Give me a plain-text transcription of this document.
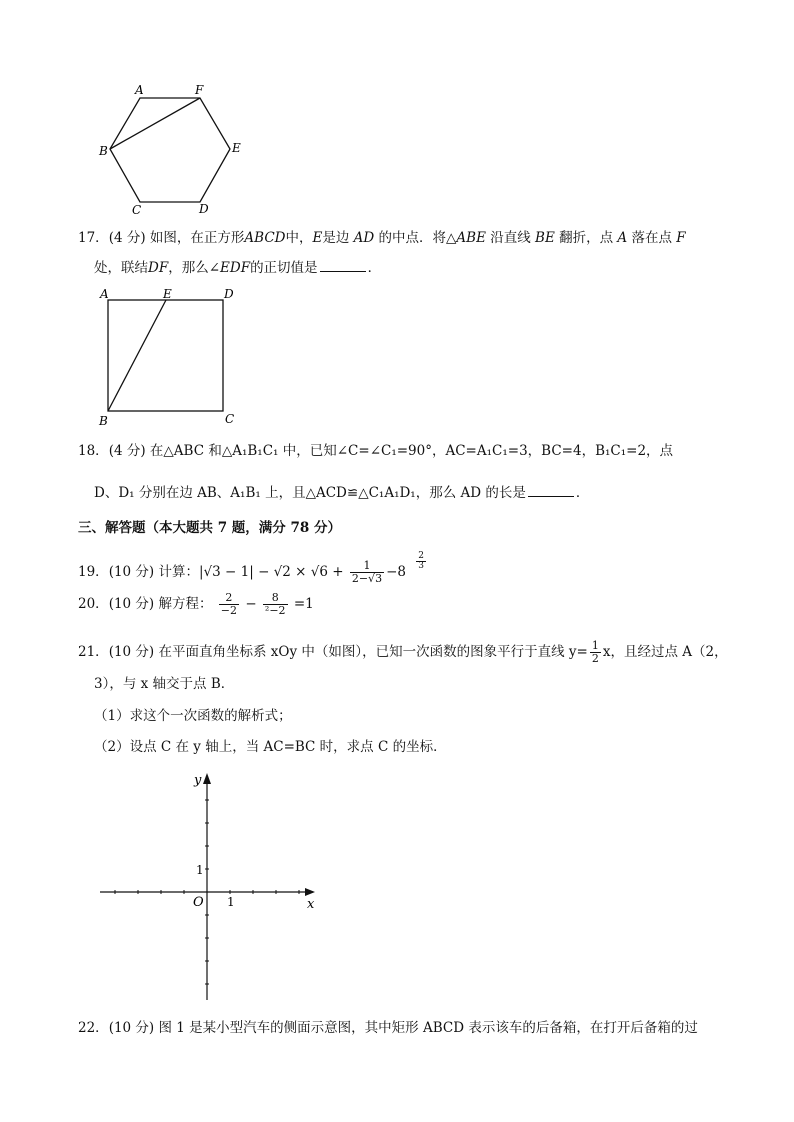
A	F
B	E
C	D
17．(4 分) 如图，在正方形ABCD中，E是边 AD 的中点．将△ABE 沿直线 BE 翻折，点 A 落在点 F
处，联结DF，那么∠EDF的正切值是	．
A	E	D
B	C
18．(4 分) 在△ABC 和△A₁B₁C₁ 中，已知∠C=∠C₁=90°，AC=A₁C₁=3，BC=4，B₁C₁=2，点
D、D₁ 分别在边 AB、A₁B₁ 上，且△ACD≌△C₁A₁D₁，那么 AD 的长是	．
三、解答题（本大题共 7 题，满分 78 分）
19．(10 分) 计算：$|√3 - 1| - √2 \times √6 + \frac{1}{2-√3} -8$
$\frac{2}{3}$
20．(10 分) 解方程： $\frac{2}{-2} - \frac{8}{\text{²−2}} =1$
21．(10 分) 在平面直角坐标系 xOy 中（如图），已知一次函数的图象平行于直线 $y= \frac{1}{2}$ x，且经过点 A（2，
3），与 x 轴交于点 B．
（1）求这个一次函数的解析式；
（2）设点 C 在 y 轴上，当 AC=BC 时，求点 C 的坐标．
y
x
O 1
1
22．(10 分) 图 1 是某小型汽车的侧面示意图，其中矩形 ABCD 表示该车的后备箱，在打开后备箱的过
